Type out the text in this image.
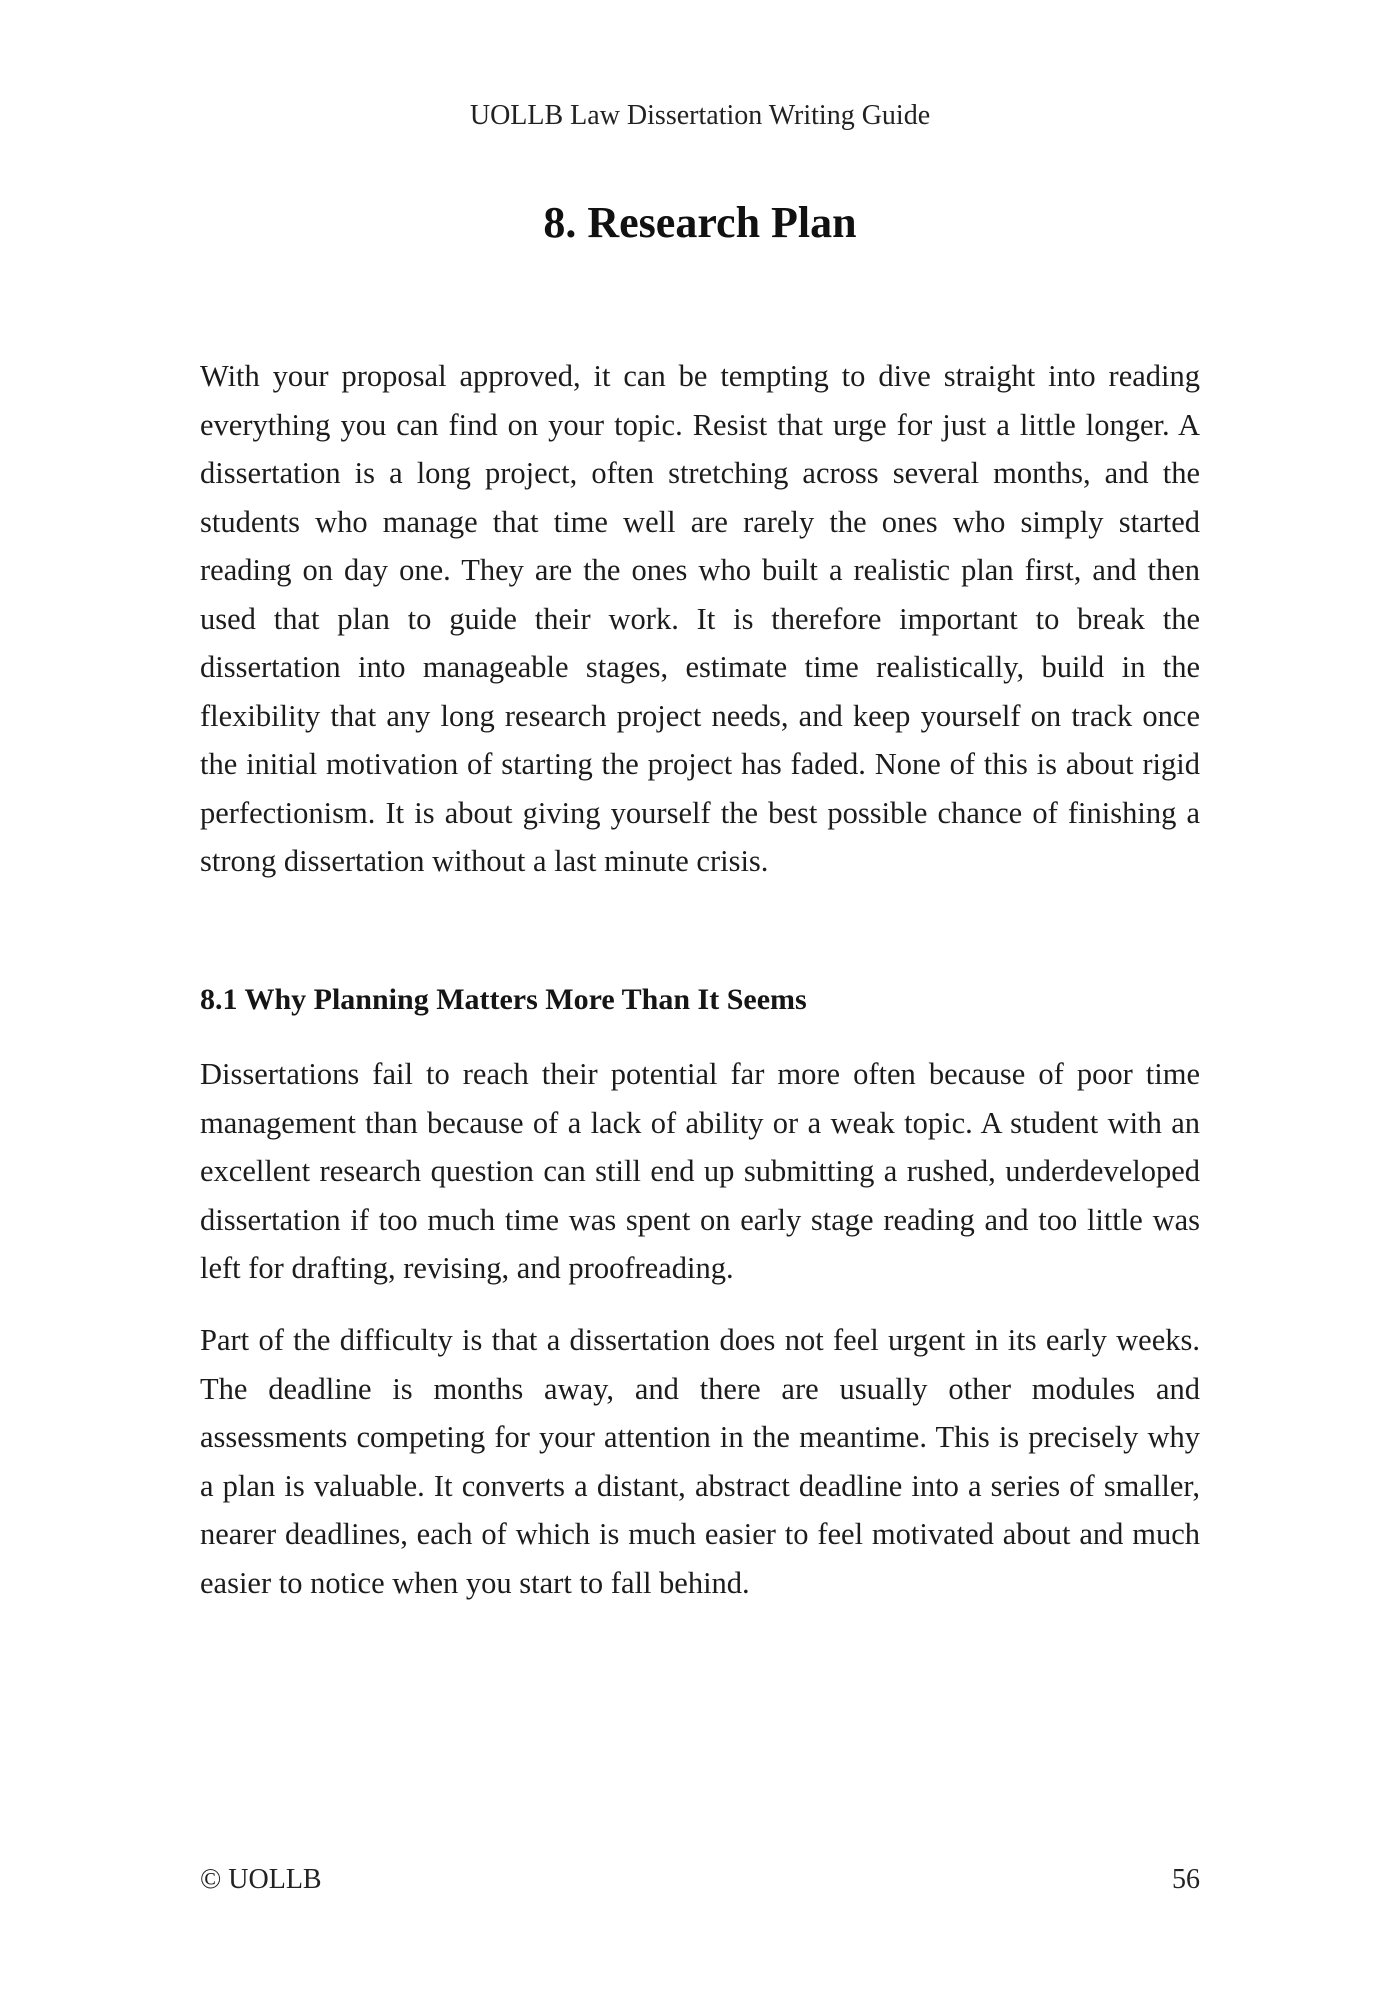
UOLLB Law Dissertation Writing Guide
8. Research Plan

With your proposal approved, it can be tempting to dive straight into reading everything you can find on your topic. Resist that urge for just a little longer. A dissertation is a long project, often stretching across several months, and the students who manage that time well are rarely the ones who simply started reading on day one. They are the ones who built a realistic plan first, and then used that plan to guide their work. It is therefore important to break the dissertation into manageable stages, estimate time realistically, build in the flexibility that any long research project needs, and keep yourself on track once the initial motivation of starting the project has faded. None of this is about rigid perfectionism. It is about giving yourself the best possible chance of finishing a strong dissertation without a last minute crisis.

8.1 Why Planning Matters More Than It Seems

Dissertations fail to reach their potential far more often because of poor time management than because of a lack of ability or a weak topic. A student with an excellent research question can still end up submitting a rushed, underdeveloped dissertation if too much time was spent on early stage reading and too little was left for drafting, revising, and proofreading.

Part of the difficulty is that a dissertation does not feel urgent in its early weeks. The deadline is months away, and there are usually other modules and assessments competing for your attention in the meantime. This is precisely why a plan is valuable. It converts a distant, abstract deadline into a series of smaller, nearer deadlines, each of which is much easier to feel motivated about and much easier to notice when you start to fall behind.

© UOLLB	56
